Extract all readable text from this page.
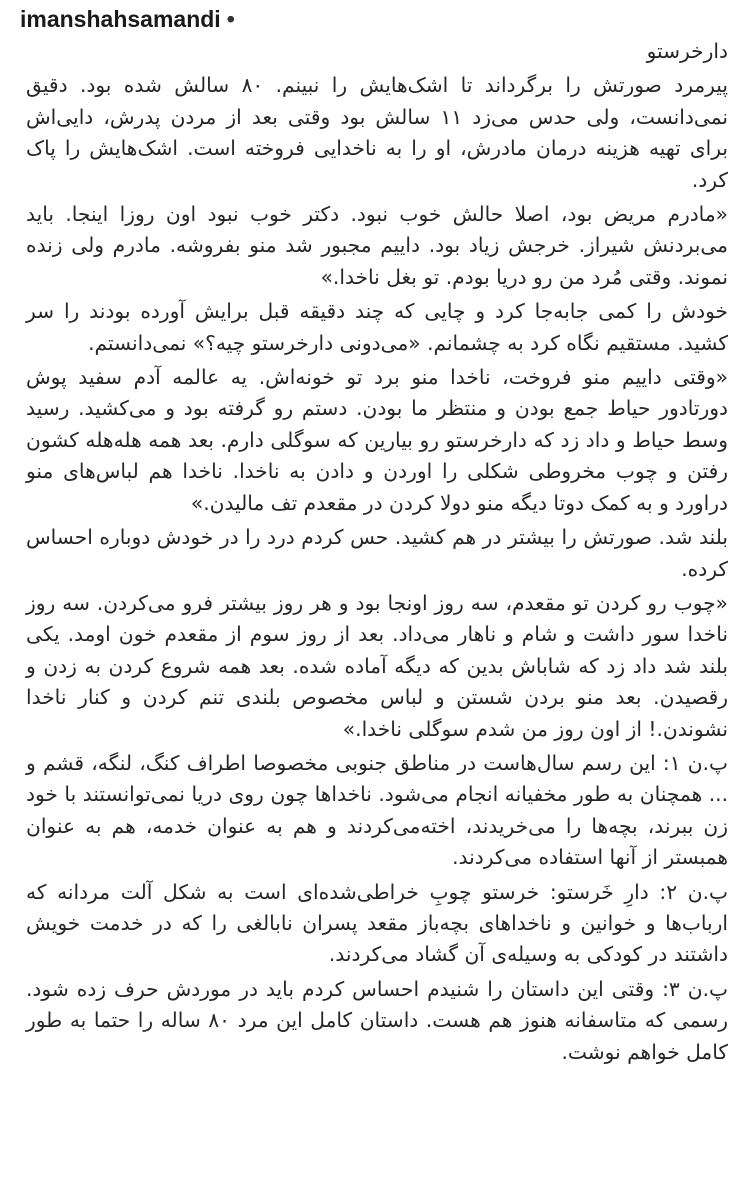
imanshahsamandi •

دارخرستو

پیرمرد صورتش را برگرداند تا اشک‌هایش را نبینم. ۸۰ سالش شده بود. دقیق نمی‌دانست، ولی حدس می‌زد ۱۱ سالش بود وقتی بعد از مردن پدرش، دایی‌اش برای تهیه هزینه درمان مادرش، او را به ناخدایی فروخته است. اشک‌هایش را پاک کرد.

«مادرم مریض بود، اصلا حالش خوب نبود. دکتر خوب نبود اون روزا اینجا. باید می‌بردنش شیراز. خرجش زیاد بود. داییم مجبور شد منو بفروشه. مادرم ولی زنده نموند. وقتی مُرد من رو دریا بودم. تو بغل ناخدا.»

خودش را کمی جابه‌جا کرد و چایی که چند دقیقه قبل برایش آورده بودند را سر کشید. مستقیم نگاه کرد به چشمانم. «می‌دونی دارخرستو چیه؟» نمی‌دانستم.

«وقتی داییم منو فروخت، ناخدا منو برد تو خونه‌اش. یه عالمه آدم سفید پوش دورتادور حیاط جمع بودن و منتظر ما بودن. دستم رو گرفته بود و می‌کشید. رسید وسط حیاط و داد زد که دارخرستو رو بیارین که سوگلی دارم. بعد همه هله‌هله کشون رفتن و چوب مخروطی شکلی را اوردن و دادن به ناخدا. ناخدا هم لباس‌های منو دراورد و به کمک دوتا دیگه منو دولا کردن در مقعدم تف مالیدن.»

بلند شد. صورتش را بیشتر در هم کشید. حس کردم درد را در خودش دوباره احساس کرده.

«چوب رو کردن تو مقعدم، سه روز اونجا بود و هر روز بیشتر فرو می‌کردن. سه روز ناخدا سور داشت و شام و ناهار می‌داد. بعد از روز سوم از مقعدم خون اومد. یکی بلند شد داد زد که شاباش بدین که دیگه آماده شده. بعد همه شروع کردن به زدن و رقصیدن. بعد منو بردن شستن و لباس مخصوص بلندی تنم کردن و کنار ناخدا نشوندن.! از اون روز من شدم سوگلی ناخدا.»

پ.ن ۱: این رسم سال‌هاست در مناطق جنوبی مخصوصا اطراف کنگ، لنگه، قشم و ... همچنان به طور مخفیانه انجام می‌شود. ناخداها چون روی دریا نمی‌توانستند با خود زن ببرند، بچه‌ها را می‌خریدند، اخته‌می‌کردند و هم به عنوان خدمه، هم به عنوان همبستر از آنها استفاده می‌کردند.

پ.ن ۲: دارِ خَرستو: خرستو چوبِ خراطی‌شده‌ای است به شکل آلت مردانه که ارباب‌ها و خوانین و ناخداهای بچه‌باز مقعد پسران نابالغی را که در خدمت خویش داشتند در کودکی به وسیله‌ی آن گشاد می‌کردند.

پ.ن ۳: وقتی این داستان را شنیدم احساس کردم باید در موردش حرف زده شود. رسمی که متاسفانه هنوز هم هست. داستان کامل این مرد ۸۰ ساله را حتما به طور کامل خواهم نوشت.
